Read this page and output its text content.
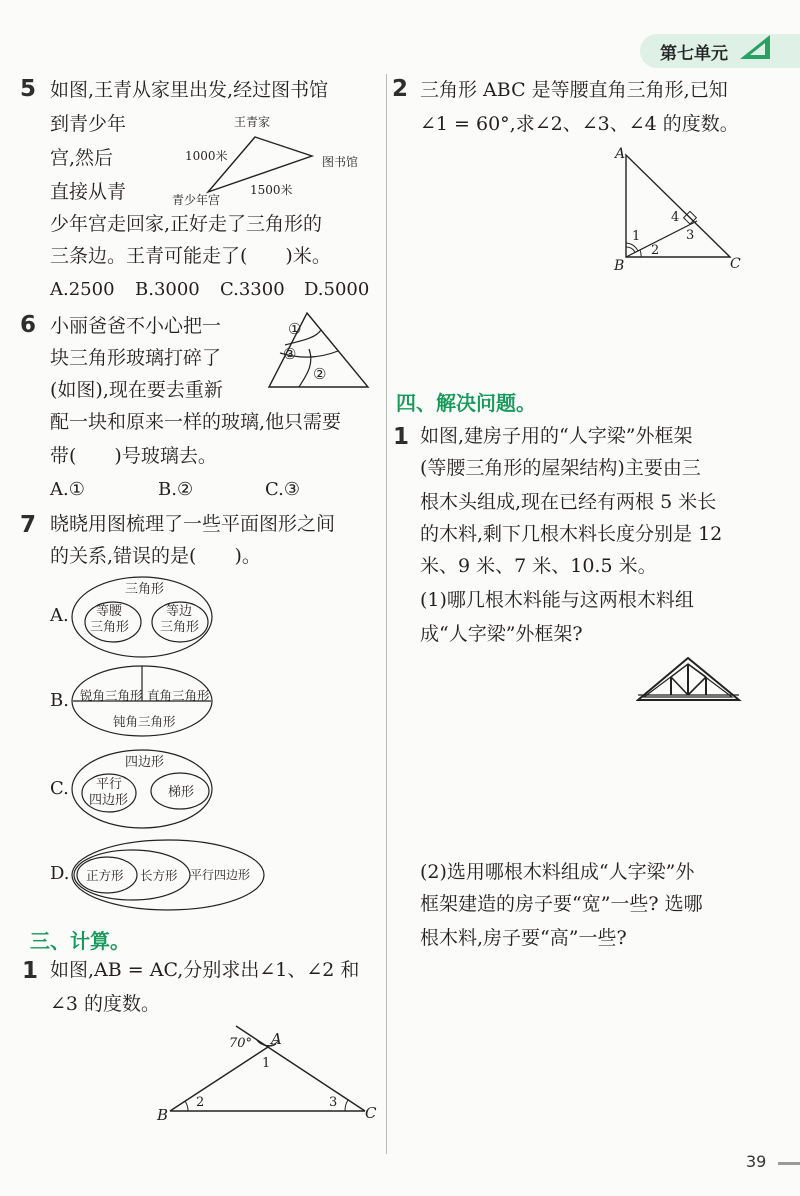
第七单元
5 如图,王青从家里出发,经过图书馆
到青少年
宫,然后
直接从青
少年宫走回家,正好走了三角形的
三条边。王青可能走了(　　)米。
王青家
1000米	图书馆
1500米
青少年宫
A.2500 B.3000 C.3300 D.5000
6 小丽爸爸不小心把一
块三角形玻璃打碎了
(如图),现在要去重新
配一块和原来一样的玻璃,他只需要
带(　　)号玻璃去。
①
③
②
A.①	B.②	C.③
7 晓晓用图梳理了一些平面图形之间
的关系,错误的是(　　)。
A.
三角形
等腰
三角形
等边
三角形
B. 锐角三角形 直角三角形
钝角三角形
C.
四边形
平行
四边形
梯形
D. 正方形 长方形 平行四边形
三、计算。
1 如图,AB = AC,分别求出∠1、∠2 和
∠3 的度数。
70° A
1
2	3
B	C
2 三角形 ABC 是等腰直角三角形,已知
∠1 = 60°,求∠2、∠3、∠4 的度数。
A
B	C
1
2
3
4
四、解决问题。
1 如图,建房子用的“人字梁”外框架
(等腰三角形的屋架结构)主要由三
根木头组成,现在已经有两根 5 米长
的木料,剩下几根木料长度分别是 12
米、9 米、7 米、10.5 米。
(1)哪几根木料能与这两根木料组
成“人字梁”外框架?
(2)选用哪根木料组成“人字梁”外
框架建造的房子要“宽”一些? 选哪
根木料,房子要“高”一些?
39
